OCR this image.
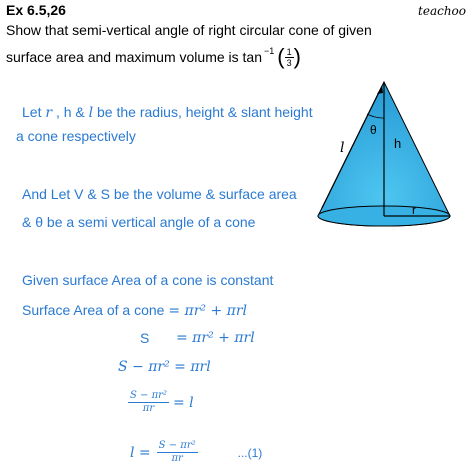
Ex 6.5,26	teachoo
Show that semi-vertical angle of right circular cone of given
surface area and maximum volume is $\tan^{-1}$ ( $\frac{1}{3}$ )
Let r , h & l be the radius, height & slant height
a cone respectively
And Let V & S be the volume & surface area
& θ be a semi vertical angle of a cone
Given surface Area of a cone is constant
Surface Area of a cone = πr² + πrl
S = πr² + πrl
S − πr² = πrl
$\frac{\text{S − πr²}}{\pi r} = l$
$l = \frac{\text{S − πr²}}{\pi r}$	...(1)
l
θ
h
r
